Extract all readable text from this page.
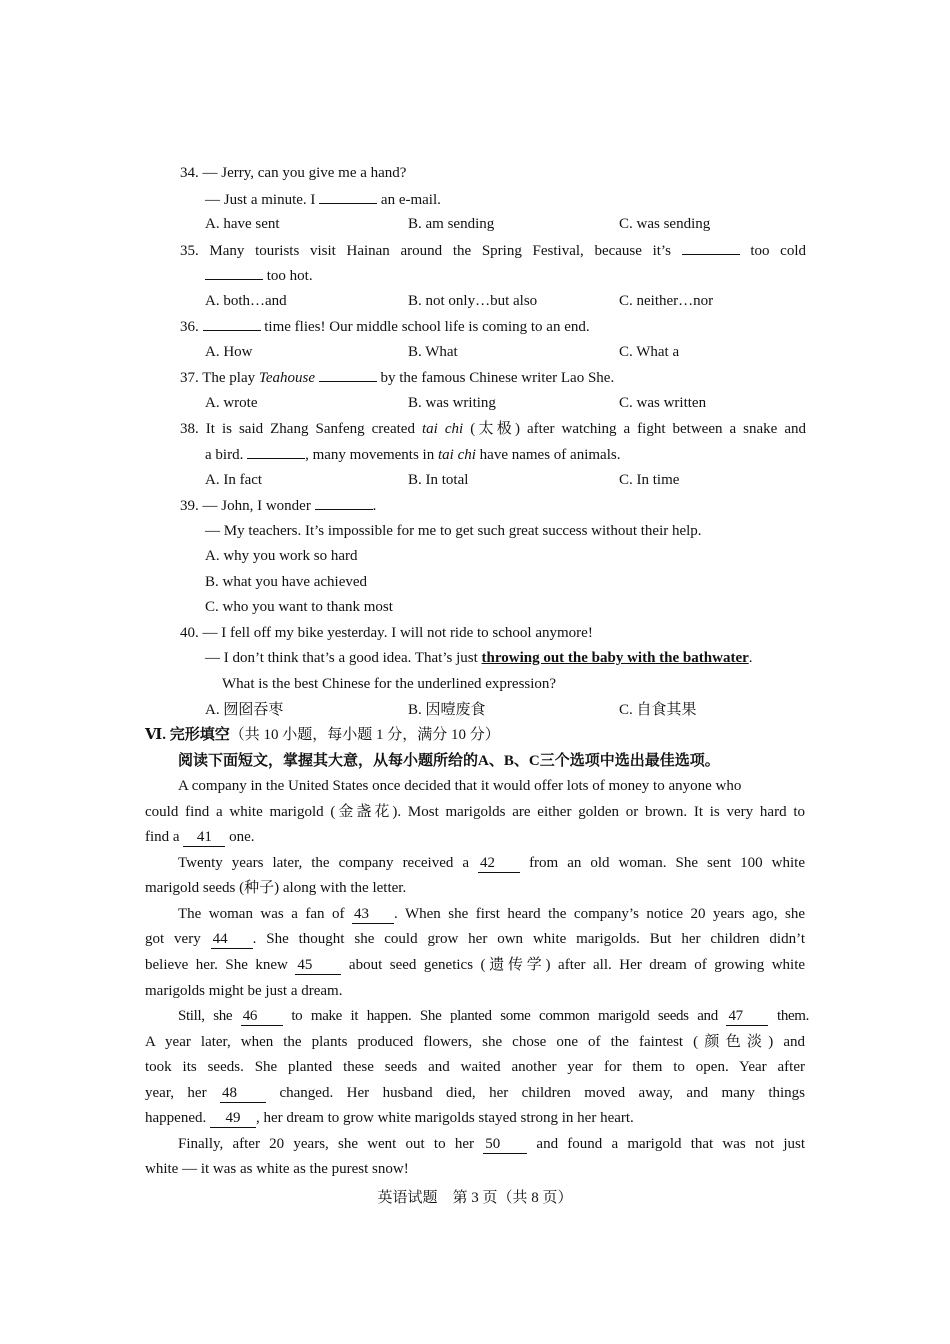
34. — Jerry, can you give me a hand?
— Just a minute. I	an e-mail.
A. have sent	B. am sending	C. was sending
35. Many tourists visit Hainan around the Spring Festival, because it’s	too cold
too hot.
A. both…and	B. not only…but also	C. neither…nor
36.	time flies! Our middle school life is coming to an end.
A. How	B. What	C. What a
37. The play Teahouse	by the famous Chinese writer Lao She.
A. wrote	B. was writing	C. was written
38. It is said Zhang Sanfeng created tai chi (太极) after watching a fight between a snake and
a bird.	, many movements in tai chi have names of animals.
A. In fact	B. In total	C. In time
39. — John, I wonder	.
— My teachers. It’s impossible for me to get such great success without their help.
A. why you work so hard
B. what you have achieved
C. who you want to thank most
40. — I fell off my bike yesterday. I will not ride to school anymore!
— I don’t think that’s a good idea. That’s just throwing out the baby with the bathwater.
What is the best Chinese for the underlined expression?
A. 囫囵吞枣	B. 因噎废食	C. 自食其果
Ⅵ. 完形填空（共 10 小题，每小题 1 分，满分 10 分）
阅读下面短文，掌握其大意，从每小题所给的A、B、C三个选项中选出最佳选项。
A company in the United States once decided that it would offer lots of money to anyone who
could find a white marigold (金盏花). Most marigolds are either golden or brown. It is very hard to
find a 41 one.
Twenty years later, the company received a 42 from an old woman. She sent 100 white
marigold seeds (种子) along with the letter.
The woman was a fan of 43 . When she first heard the company’s notice 20 years ago, she
got very 44 . She thought she could grow her own white marigolds. But her children didn’t
believe her. She knew 45 about seed genetics (遗传学) after all. Her dream of growing white
marigolds might be just a dream.
Still, she 46 to make it happen. She planted some common marigold seeds and 47 them.
A year later, when the plants produced flowers, she chose one of the faintest (颜色淡) and
took its seeds. She planted these seeds and waited another year for them to open. Year after
year, her 48	changed. Her husband died, her children moved away, and many things
happened. 49 , her dream to grow white marigolds stayed strong in her heart.
Finally, after 20 years, she went out to her 50 and found a marigold that was not just
white — it was as white as the purest snow!
英语试题　第 3 页（共 8 页）
